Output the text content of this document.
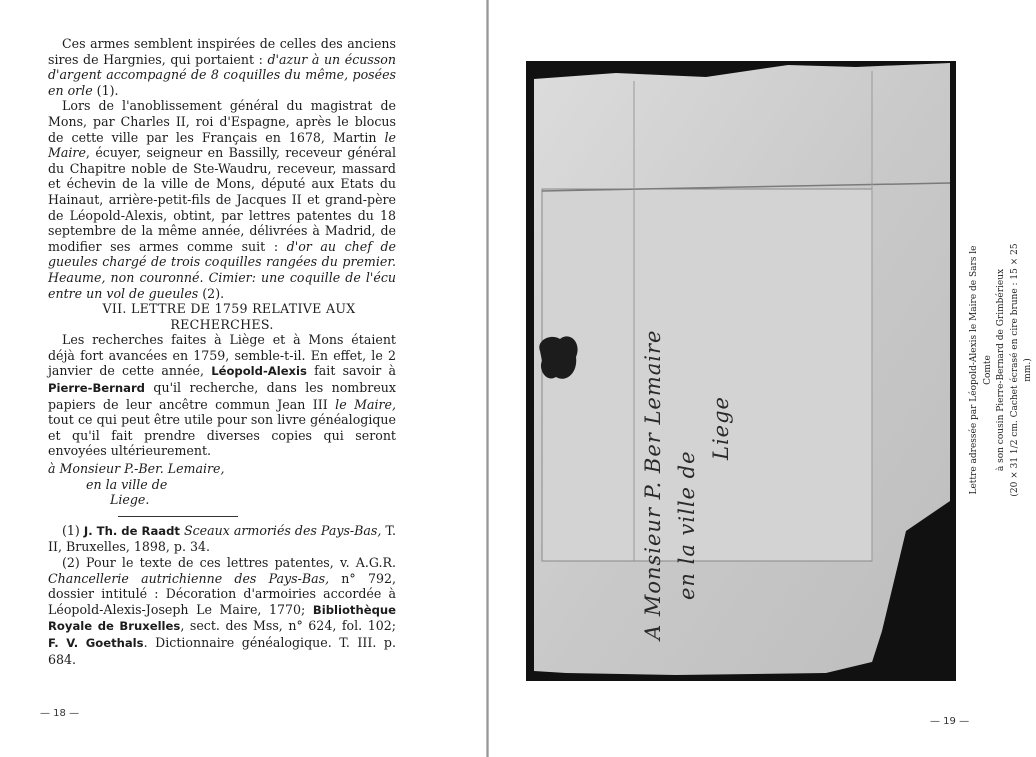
Ces armes semblent inspirées de celles des anciens sires de Hargnies, qui portaient : d'azur à un écusson d'argent accompagné de 8 coquilles du même, posées en orle (1).

Lors de l'anoblissement général du magistrat de Mons, par Charles II, roi d'Espagne, après le blocus de cette ville par les Français en 1678, Martin le Maire, écuyer, seigneur en Bassilly, receveur général du Chapitre noble de Ste-Waudru, receveur, massard et échevin de la ville de Mons, député aux Etats du Hainaut, arrière-petit-fils de Jacques II et grand-père de Léopold-Alexis, obtint, par lettres patentes du 18 septembre de la même année, délivrées à Madrid, de modifier ses armes comme suit : d'or au chef de gueules chargé de trois coquilles rangées du premier. Heaume, non couronné. Cimier: une coquille de l'écu entre un vol de gueules (2).

VII. LETTRE DE 1759 RELATIVE AUX
RECHERCHES.

Les recherches faites à Liège et à Mons étaient déjà fort avancées en 1759, semble-t-il. En effet, le 2 janvier de cette année, Léopold-Alexis fait savoir à Pierre-Bernard qu'il recherche, dans les nombreux papiers de leur ancêtre commun Jean III le Maire, tout ce qui peut être utile pour son livre généalogique et qu'il fait prendre diverses copies qui seront envoyées ultérieurement.

à Monsieur P.-Ber. Lemaire,
en la ville de
Liege.

(1) J. Th. de Raadt Sceaux armoriés des Pays-Bas, T. II, Bruxelles, 1898, p. 34.

(2) Pour le texte de ces lettres patentes, v. A.G.R. Chancellerie autrichienne des Pays-Bas, n° 792, dossier intitulé : Décoration d'armoiries accordée à Léopold-Alexis-Joseph Le Maire, 1770; Bibliothèque Royale de Bruxelles, sect. des Mss, n° 624, fol. 102; F. V. Goethals. Dictionnaire généalogique. T. III. p. 684.

— 18 —
A Monsieur P. Ber Lemaire en la ville de
Liege	Lettre adressée par Léopold-Alexis le Maire de Sars le Comte à son cousin Pierre-Bernard de Grimbérieux (20 × 31 1/2 cm. Cachet écrasé en cire brune : 15 × 25 mm.)
— 19 —
